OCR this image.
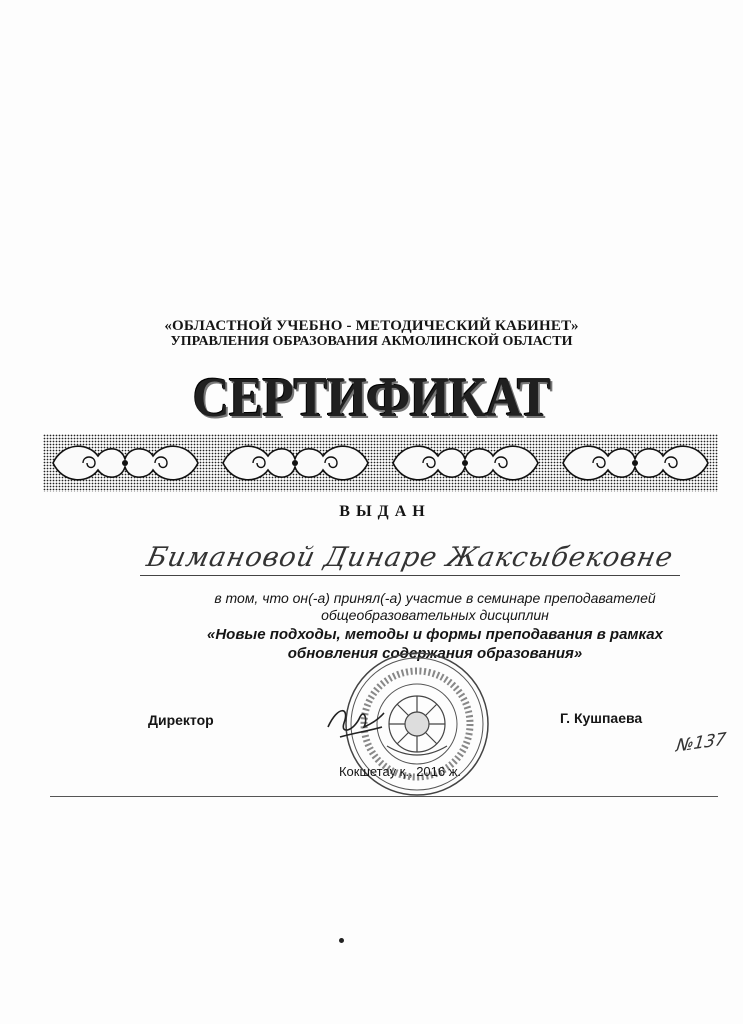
«ОБЛАСТНОЙ УЧЕБНО - МЕТОДИЧЕСКИЙ КАБИНЕТ»
УПРАВЛЕНИЯ ОБРАЗОВАНИЯ АКМОЛИНСКОЙ ОБЛАСТИ
СЕРТИФИКАТ
ВЫДАН
Бимановой Динаре Жаксыбековне
в том, что он(-а) принял(-а) участие в семинаре преподавателей
общеобразовательных дисциплин
«Новые подходы, методы и формы преподавания в рамках
обновления содержания образования»
Директор	Г. Кушпаева
№137
Кокшетау қ., 2016 ж.
